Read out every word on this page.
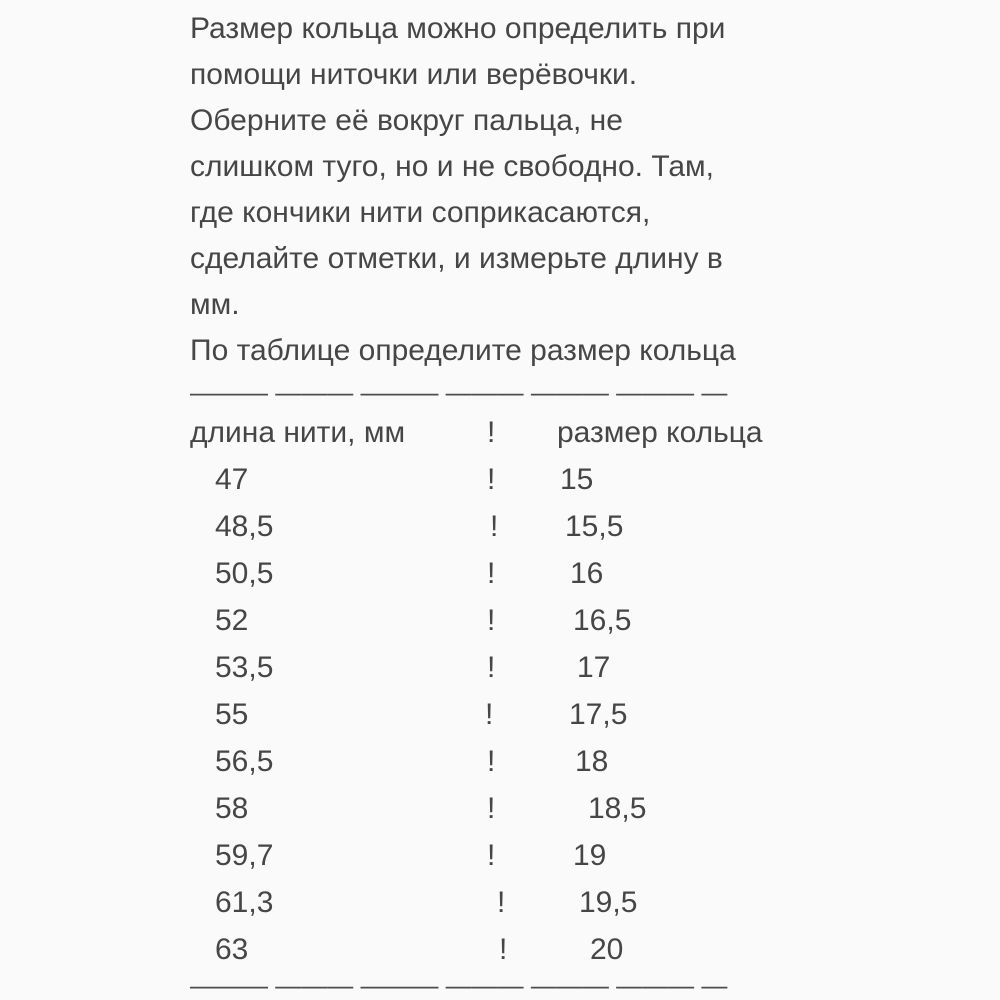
Размер кольца можно определить при
помощи ниточки или верёвочки.
Оберните её вокруг пальца, не
слишком туго, но и не свободно. Там,
где кончики нити соприкасаются,
сделайте отметки, и измерьте длину в
мм.
По таблице определите размер кольца
——— ——— ——— ——— ——— ——— —
длина нити, мм	! размер кольца
47	! 15
48,5	! 15,5
50,5	! 16
52	!	16,5
53,5	!	17
55	!	17,5
56,5	!	18
58	!	18,5
59,7	!	19
61,3	! 19,5
63	!	20
——— ——— ——— ——— ——— ——— —
